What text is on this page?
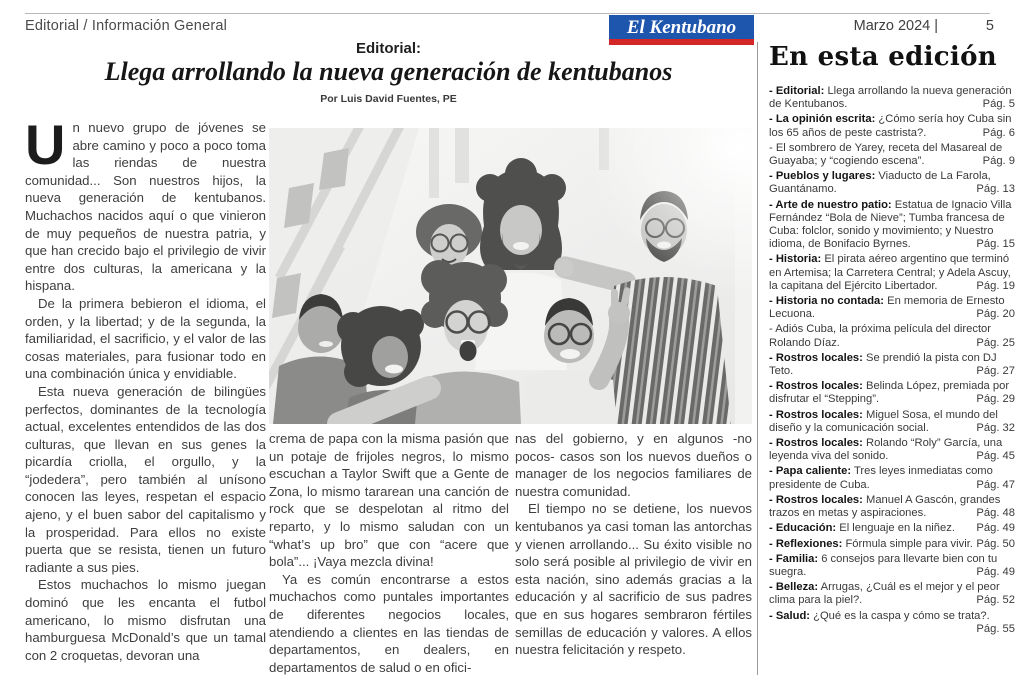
Editorial / Información General	Marzo 2024 |	5
El Kentubano
Editorial:
Llega arrollando la nueva generación de kentubanos
Por Luis David Fuentes, PE

Un nuevo grupo de jóvenes se abre camino y poco a poco toma las riendas de nuestra comunidad... Son nuestros hijos, la nueva generación de kentubanos. Muchachos nacidos aquí o que vinieron de muy pequeños de nuestra patria, y que han crecido bajo el privilegio de vivir entre dos culturas, la americana y la hispana.

De la primera bebieron el idioma, el orden, y la libertad; y de la segunda, la familiaridad, el sacrificio, y el valor de las cosas materiales, para fusionar todo en una combinación única y envidiable.

Esta nueva generación de bilingües perfectos, dominantes de la tecnología actual, excelentes entendidos de las dos culturas, que llevan en sus genes la picardía criolla, el orgullo, y la “jodedera”, pero también al unísono conocen las leyes, respetan el espacio ajeno, y el buen sabor del capitalismo y la prosperidad. Para ellos no existe puerta que se resista, tienen un futuro radiante a sus pies.

Estos muchachos lo mismo juegan dominó que les encanta el futbol americano, lo mismo disfrutan una hamburguesa McDonald’s que un tamal con 2 croquetas, devoran una

crema de papa con la misma pasión que un potaje de frijoles negros, lo mismo escuchan a Taylor Swift que a Gente de Zona, lo mismo tararean una canción de rock que se despelotan al ritmo del reparto, y lo mismo saludan con un “what’s up bro” que con “acere que bola”... ¡Vaya mezcla divina!

Ya es común encontrarse a estos muchachos como puntales importantes de diferentes negocios locales, atendiendo a clientes en las tiendas de departamentos, en dealers, en departamentos de salud o en ofici-

nas del gobierno, y en algunos -no pocos- casos son los nuevos dueños o manager de los negocios familiares de nuestra comunidad.

El tiempo no se detiene, los nuevos kentubanos ya casi toman las antorchas y vienen arrollando... Su éxito visible no solo será posible al privilegio de vivir en esta nación, sino además gracias a la educación y al sacrificio de sus padres que en sus hogares sembraron fértiles semillas de educación y valores. A ellos nuestra felicitación y respeto.

En esta edición
- Editorial: Llega arrollando la nueva generación de Kentubanos.	Pág. 5
- La opinión escrita: ¿Cómo sería hoy Cuba sin los 65 años de peste castrista?.	Pág. 6
- El sombrero de Yarey, receta del Masareal de Guayaba; y “cogiendo escena”.	Pág. 9
- Pueblos y lugares: Viaducto de La Farola, Guantánamo.	Pág. 13
- Arte de nuestro patio: Estatua de Ignacio Villa Fernández “Bola de Nieve”; Tumba francesa de Cuba: folclor, sonido y movimiento; y Nuestro idioma, de Bonifacio Byrnes.	Pág. 15
- Historia: El pirata aéreo argentino que terminó en Artemisa; la Carretera Central; y Adela Ascuy, la capitana del Ejército Libertador.	Pág. 19
- Historia no contada: En memoria de Ernesto Lecuona.	Pág. 20
- Adiós Cuba, la próxima película del director Rolando Díaz.	Pág. 25
- Rostros locales: Se prendió la pista con DJ Teto.	Pág. 27
- Rostros locales: Belinda López, premiada por disfrutar el “Stepping”.	Pág. 29
- Rostros locales: Miguel Sosa, el mundo del diseño y la comunicación social.	Pág. 32
- Rostros locales: Rolando “Roly” García, una leyenda viva del sonido.	Pág. 45
- Papa caliente: Tres leyes inmediatas como presidente de Cuba.	Pág. 47
- Rostros locales: Manuel A Gascón, grandes trazos en metas y aspiraciones.	Pág. 48
- Educación: El lenguaje en la niñez. Pág. 49
- Reflexiones: Fórmula simple para vivir. Pág. 50
- Familia: 6 consejos para llevarte bien con tu suegra.	Pág. 49
- Belleza: Arrugas, ¿Cuál es el mejor y el peor clima para la piel?.	Pág. 52
- Salud: ¿Qué es la caspa y cómo se trata?.
Pág. 55
